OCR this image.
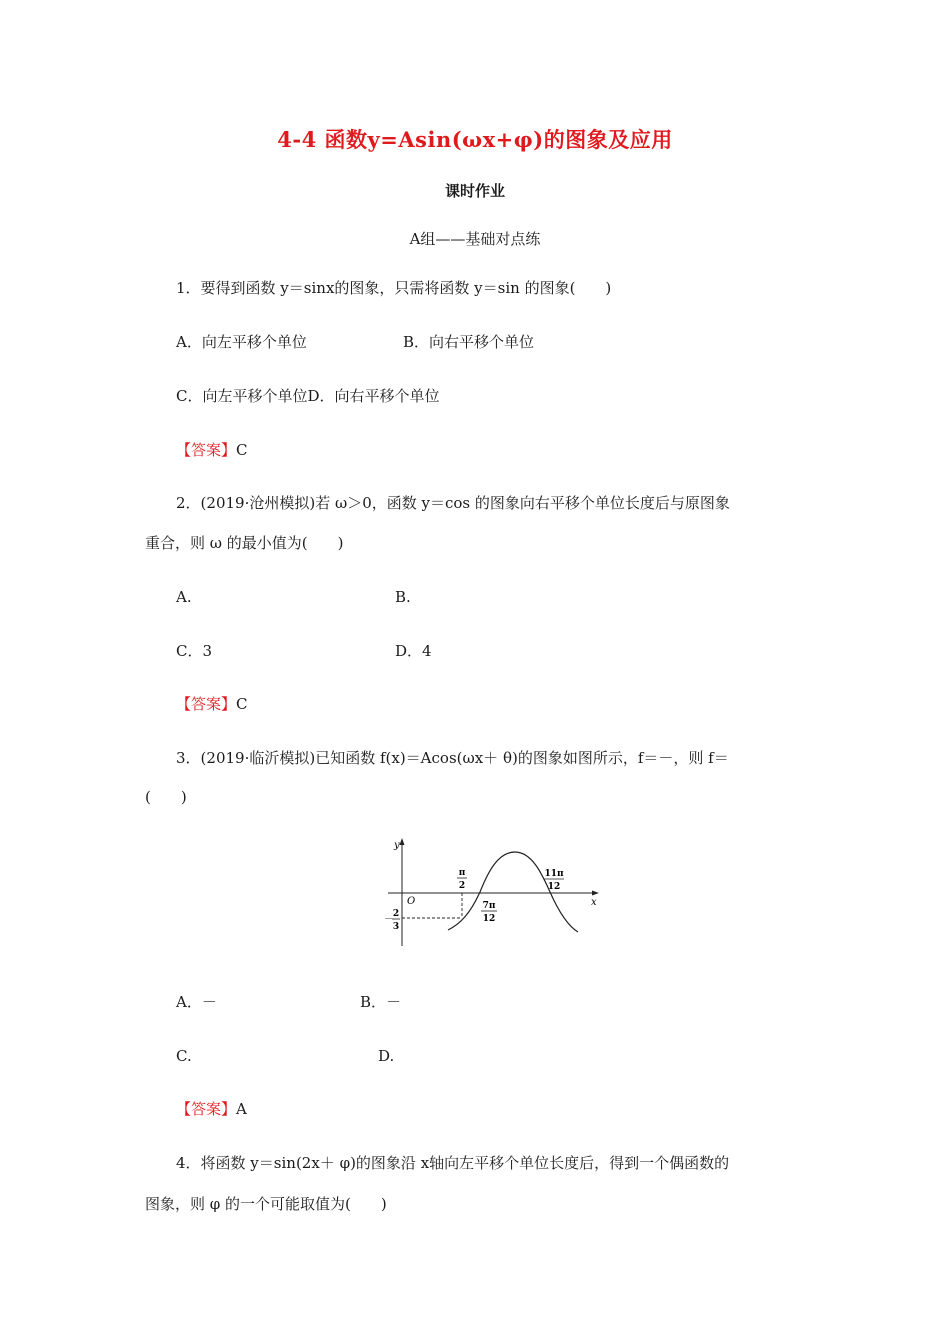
4-4 函数y=Asin(ωx+φ)的图象及应用
课时作业
A组——基础对点练
1．要得到函数 y＝sinx的图象，只需将函数 y＝sin 的图象(　　)
A．向左平移个单位	B．向右平移个单位
C．向左平移个单位D．向右平移个单位
【答案】C
2．(2019·沧州模拟)若 ω＞0，函数 y＝cos 的图象向右平移个单位长度后与原图象
重合，则 ω 的最小值为(　　)
A.	B.
C．3	D．4
【答案】C
3．(2019·临沂模拟)已知函数 f(x)＝Acos(ωx＋ θ)的图象如图所示，f＝－，则 f＝
(　　)
y
x
O
π
2
7π
12
11π
12
－
2
3
A．－	B．－
C.	D.
【答案】A
4．将函数 y＝sin(2x＋ φ)的图象沿 x轴向左平移个单位长度后，得到一个偶函数的
图象，则 φ 的一个可能取值为(　　)
